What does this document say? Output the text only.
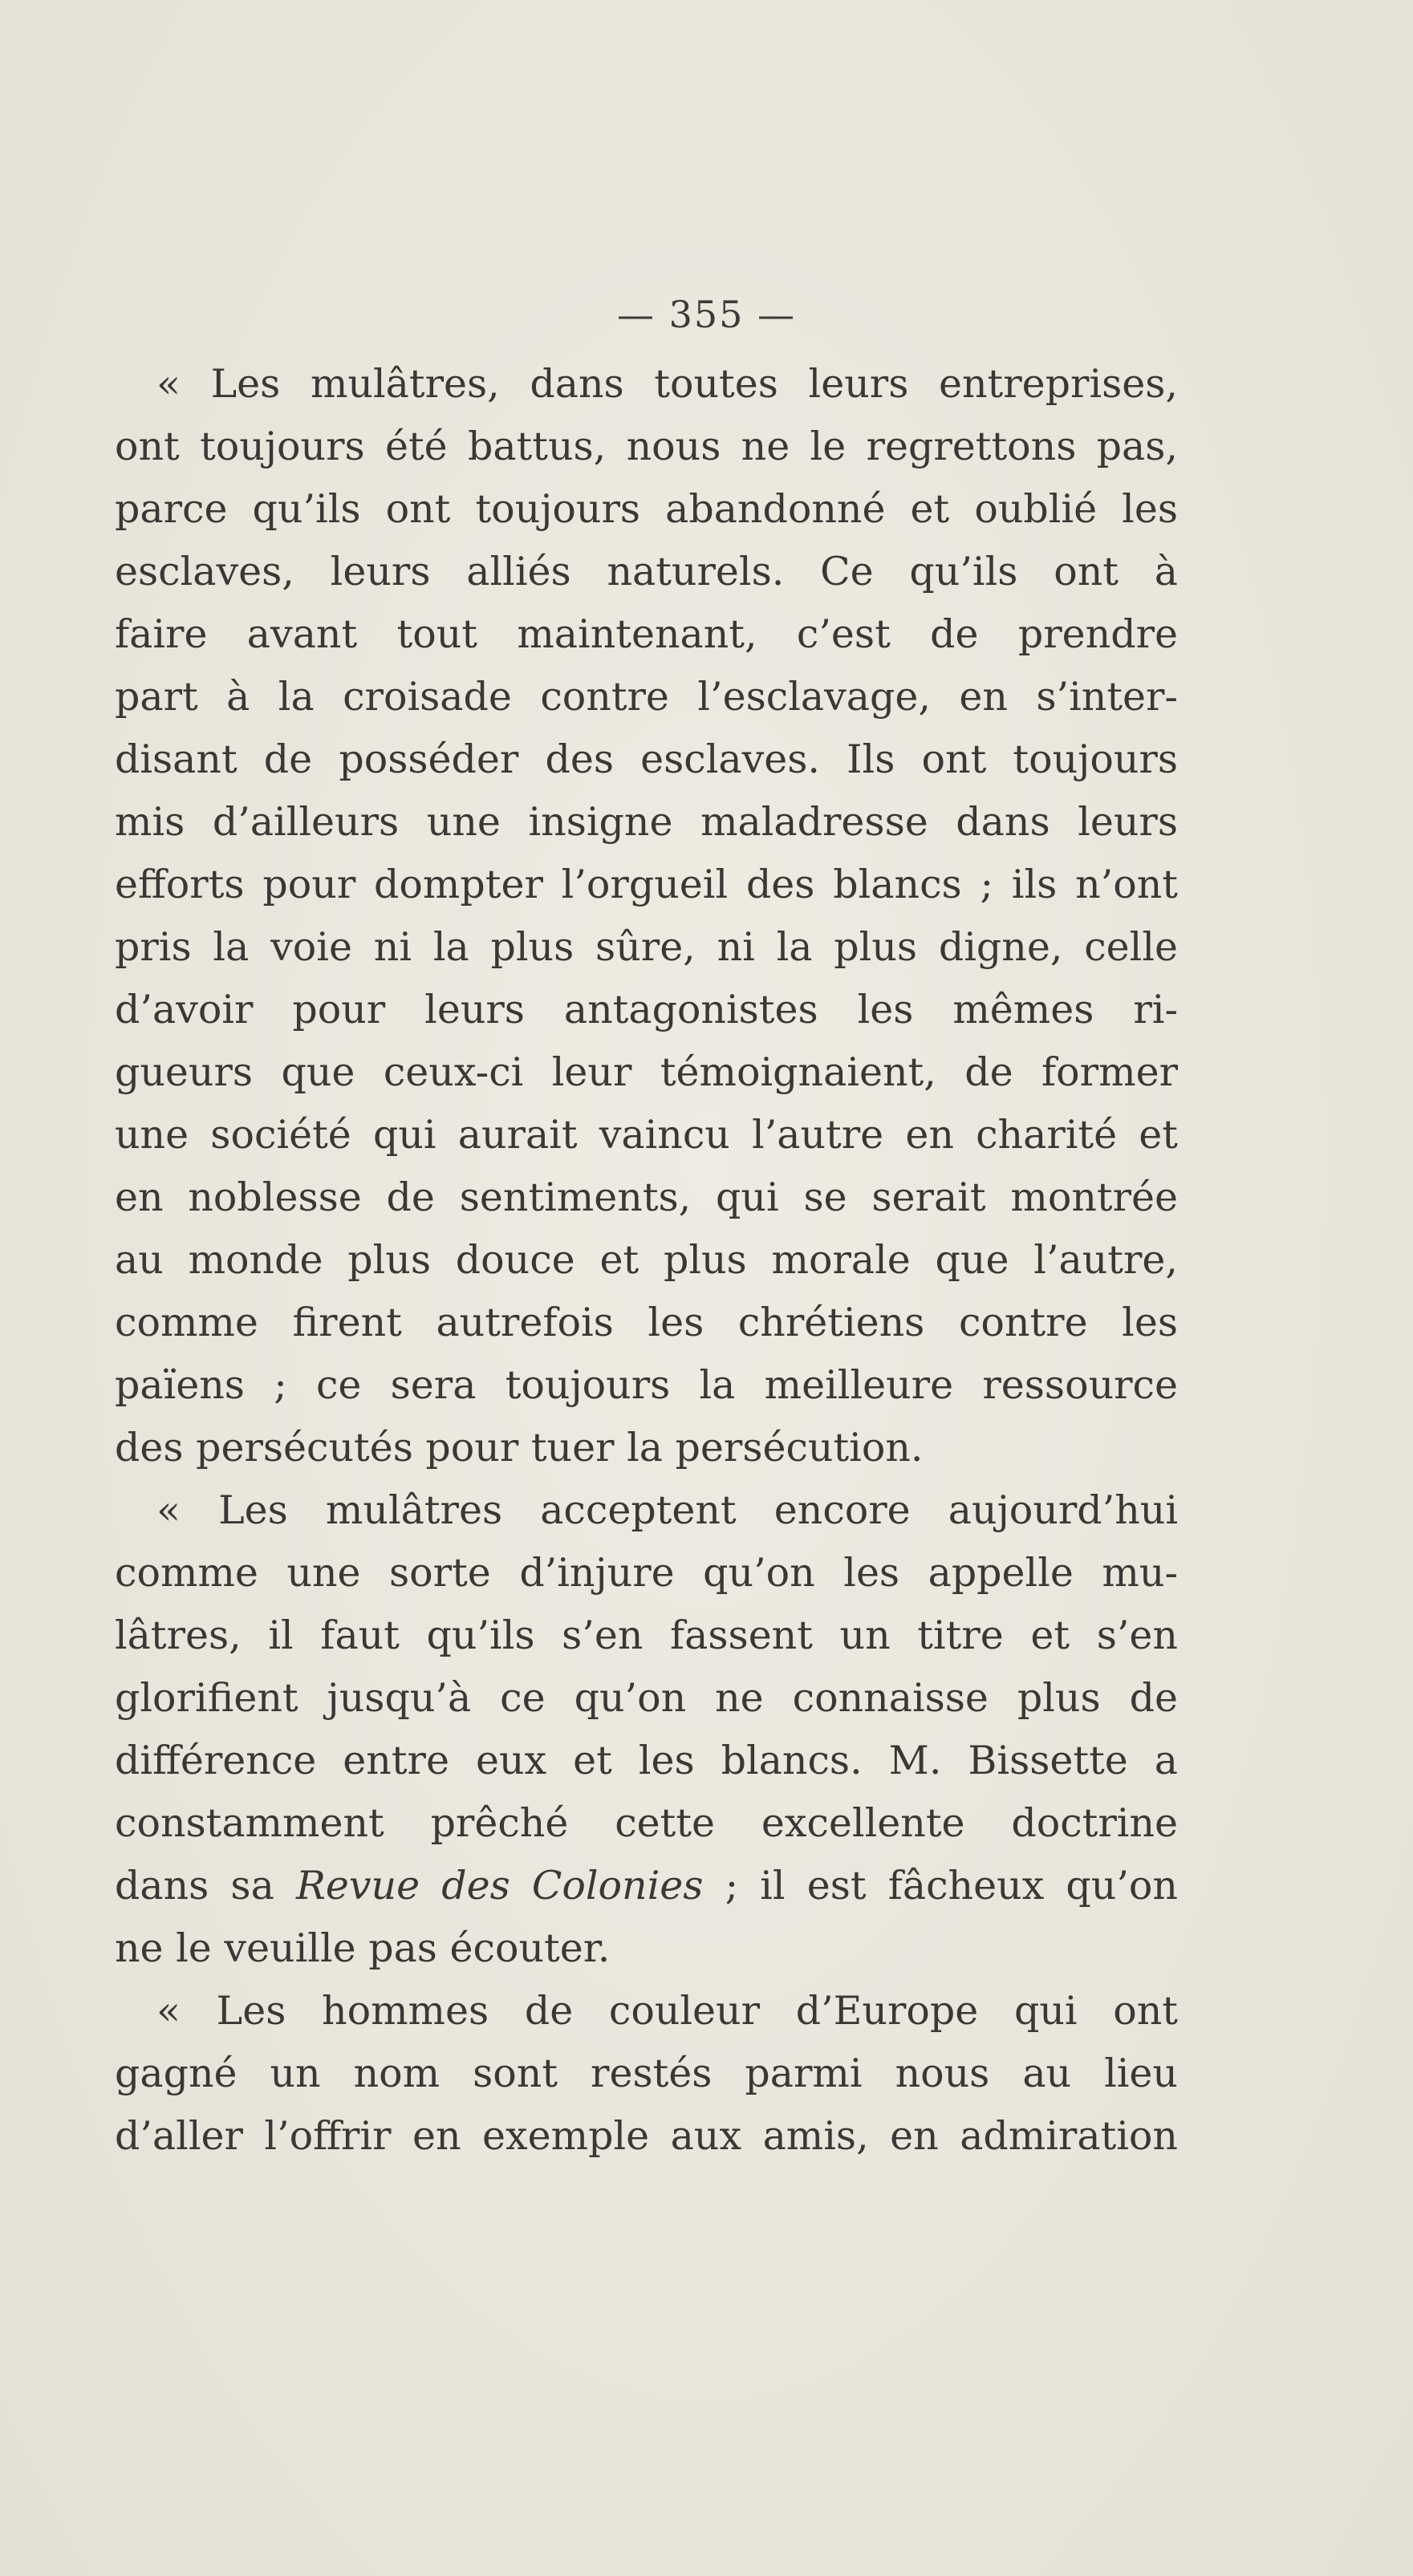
— 355 —
« Les mulâtres, dans toutes leurs entreprises,
ont toujours été battus, nous ne le regrettons pas,
parce qu’ils ont toujours abandonné et oublié les
esclaves, leurs alliés naturels. Ce qu’ils ont à
faire avant tout maintenant, c’est de prendre
part à la croisade contre l’esclavage, en s’inter-
disant de posséder des esclaves. Ils ont toujours
mis d’ailleurs une insigne maladresse dans leurs
efforts pour dompter l’orgueil des blancs ; ils n’ont
pris la voie ni la plus sûre, ni la plus digne, celle
d’avoir pour leurs antagonistes les mêmes ri-
gueurs que ceux-ci leur témoignaient, de former
une société qui aurait vaincu l’autre en charité et
en noblesse de sentiments, qui se serait montrée
au monde plus douce et plus morale que l’autre,
comme firent autrefois les chrétiens contre les
païens ; ce sera toujours la meilleure ressource
des persécutés pour tuer la persécution.
« Les mulâtres acceptent encore aujourd’hui
comme une sorte d’injure qu’on les appelle mu-
lâtres, il faut qu’ils s’en fassent un titre et s’en
glorifient jusqu’à ce qu’on ne connaisse plus de
différence entre eux et les blancs. M. Bissette a
constamment prêché cette excellente doctrine
dans sa Revue des Colonies ; il est fâcheux qu’on
ne le veuille pas écouter.
« Les hommes de couleur d’Europe qui ont
gagné un nom sont restés parmi nous au lieu
d’aller l’offrir en exemple aux amis, en admiration
